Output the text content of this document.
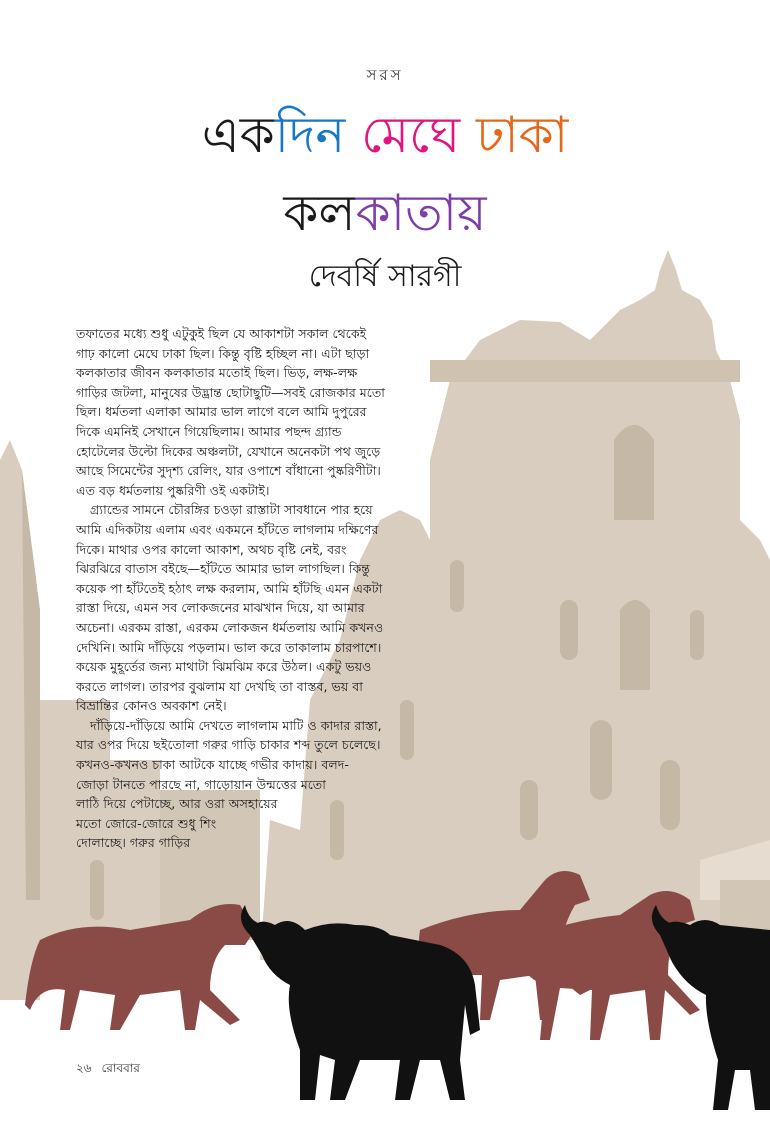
সরস
একদিন মেঘে ঢাকা
কলকাতায়
দেবর্ষি সারগী

তফাতের মধ্যে শুধু এটুকুই ছিল যে আকাশটা সকাল থেকেই
গাঢ় কালো মেঘে ঢাকা ছিল। কিন্তু বৃষ্টি হচ্ছিল না। এটা ছাড়া
কলকাতার জীবন কলকাতার মতোই ছিল। ভিড়, লক্ষ-লক্ষ
গাড়ির জটলা, মানুষের উদ্ভ্রান্ত ছোটাছুটি—সবই রোজকার মতো
ছিল। ধর্মতলা এলাকা আমার ভাল লাগে বলে আমি দুপুরের
দিকে এমনিই সেখানে গিয়েছিলাম। আমার পছন্দ গ্র্যান্ড
হোটেলের উল্টো দিকের অঞ্চলটা, যেখানে অনেকটা পথ জুড়ে
আছে সিমেন্টের সুদৃশ্য রেলিং, যার ওপাশে বাঁধানো পুষ্করিণীটা।
এত বড় ধর্মতলায় পুষ্করিণী ওই একটাই।

গ্র্যান্ডের সামনে চৌরঙ্গির চওড়া রাস্তাটা সাবধানে পার হয়ে
আমি এদিকটায় এলাম এবং একমনে হাঁটতে লাগলাম দক্ষিণের
দিকে। মাথার ওপর কালো আকাশ, অথচ বৃষ্টি নেই, বরং
ঝিরঝিরে বাতাস বইছে—হাঁটতে আমার ভাল লাগছিল। কিন্তু
কয়েক পা হাঁটতেই হঠাৎ লক্ষ করলাম, আমি হাঁটছি এমন একটা
রাস্তা দিয়ে, এমন সব লোকজনের মাঝখান দিয়ে, যা আমার
অচেনা। এরকম রাস্তা, এরকম লোকজন ধর্মতলায় আমি কখনও
দেখিনি। আমি দাঁড়িয়ে পড়লাম। ভাল করে তাকালাম চারপাশে।
কয়েক মুহূর্তের জন্য মাথাটা ঝিমঝিম করে উঠল। একটু ভয়ও
করতে লাগল। তারপর বুঝলাম যা দেখছি তা বাস্তব, ভয় বা
বিভ্রান্তির কোনও অবকাশ নেই।

দাঁড়িয়ে-দাঁড়িয়ে আমি দেখতে লাগলাম মাটি ও কাদার রাস্তা,
যার ওপর দিয়ে ছইতোলা গরুর গাড়ি চাকার শব্দ তুলে চলেছে।
কখনও-কখনও চাকা আটকে যাচ্ছে গভীর কাদায়। বলদ-
জোড়া টানতে পারছে না, গাড়োয়ান উন্মত্তের মতো
লাঠি দিয়ে পেটাচ্ছে, আর ওরা অসহায়ের
মতো জোরে-জোরে শুধু শিং
দোলাচ্ছে। গরুর গাড়ির

২৬ রোববার
